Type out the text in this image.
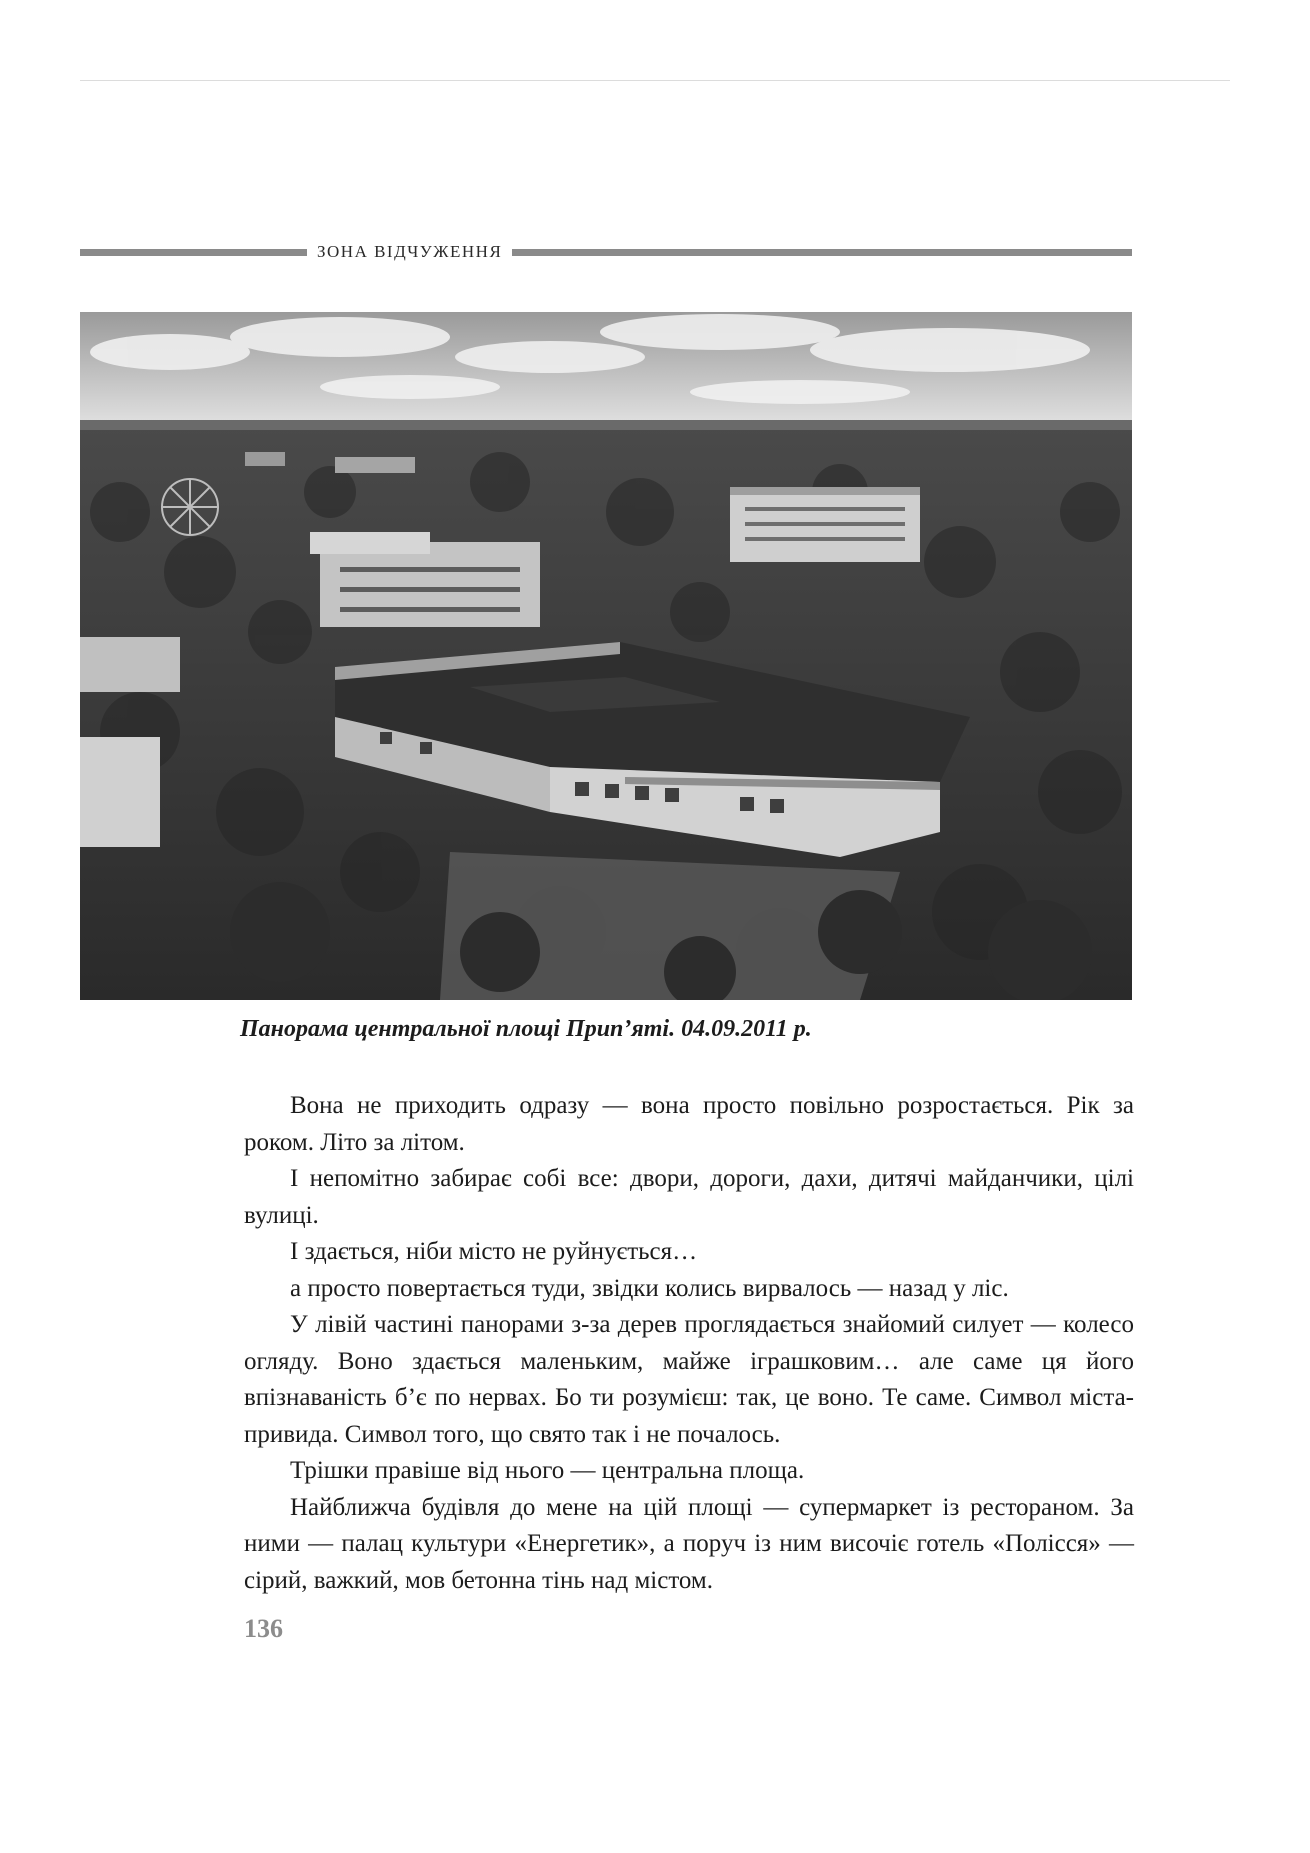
ЗОНА ВІДЧУЖЕННЯ
Панорама центральної площі Прип’яті. 04.09.2011 р.

Вона не приходить одразу — вона просто повільно розростається. Рік за роком. Літо за літом.

І непомітно забирає собі все: двори, дороги, дахи, дитячі майданчики, цілі вулиці.

І здається, ніби місто не руйнується…

а просто повертається туди, звідки колись вирвалось — назад у ліс.

У лівій частині панорами з-за дерев проглядається знайомий силует — колесо огляду. Воно здається маленьким, майже іграшковим… але саме ця його впізнаваність б’є по нервах. Бо ти розумієш: так, це воно. Те саме. Символ міста-привида. Символ того, що свято так і не почалось.

Трішки правіше від нього — центральна площа.

Найближча будівля до мене на цій площі — супермаркет із рестораном. За ними — палац культури «Енергетик», а поруч із ним височіє готель «Полісся» — сірий, важкий, мов бетонна тінь над містом.

136
